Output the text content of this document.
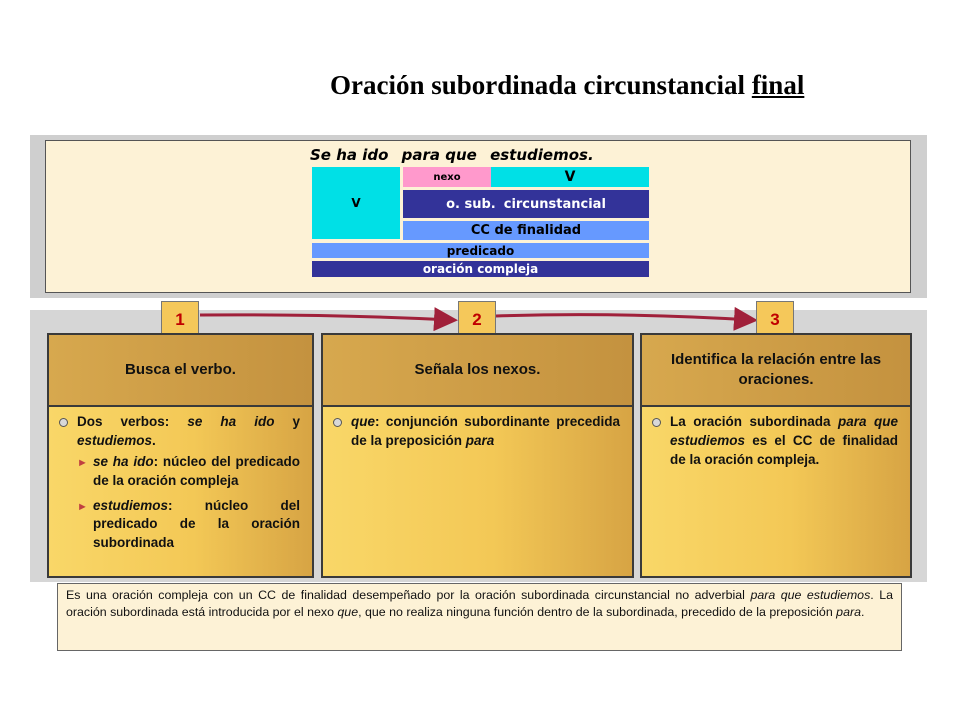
Oración subordinada circunstancial final
Se ha ido para que estudiemos.
V
nexo	V
o. sub. circunstancial
CC de finalidad
predicado
oración compleja
1	2	3
Busca el verbo.
Dos verbos: se ha ido y estudiemos.
► se ha ido: núcleo del predicado de la oración compleja
► estudiemos: núcleo del predicado de la oración subordinada
Señala los nexos.
que: conjunción subordinante precedida de la preposición para
Identifica la relación entre las oraciones.
La oración subordinada para que estudiemos es el CC de finalidad de la oración compleja.
Es una oración compleja con un CC de finalidad desempeñado por la oración subordinada circunstancial no adverbial para que estudiemos. La oración subordinada está introducida por el nexo que, que no realiza ninguna función dentro de la subordinada, precedido de la preposición para.
